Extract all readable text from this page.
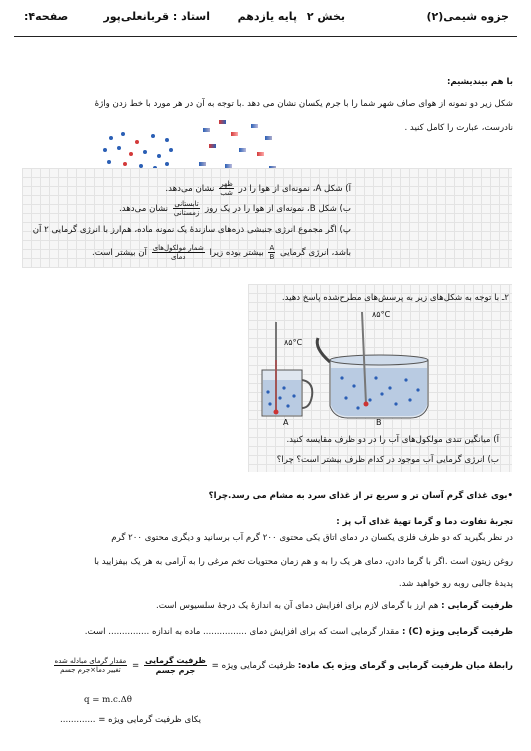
جزوه شیمی(۲)
بخش ۲
پایه یازدهم
استاد : قربانعلی‌پور
صفحه۴:
با هم بیندیشیم:
شکل زیر دو نمونه از هوای صاف شهر شما را با جرم یکسان نشان می دهد .با توجه به آن در هر مورد با خط زدن واژهٔ
نادرست، عبارت را کامل کنید .
آ) شکل A، نمونه‌ای از هوا را در
$\frac{\text{ظهر}}{\text{شب}}$
نشان می‌دهد.
ب) شکل B، نمونه‌ای از هوا را در یک روز
$\frac{\text{تابستانی}}{\text{زمستانی}}$
نشان می‌دهد.
پ) اگر مجموع انرژی جنبشی ذره‌های سازندهٔ یک نمونه ماده، هم‌ارز با انرژی گرمایی ۲ آن
باشد، انرژی گرمایی
$\frac{A}{B}$
بیشتر بوده زیرا
$\frac{\text{شمار مولکول‌های}}{\text{دمای}}$
آن بیشتر است.
۲ـ با توجه به شکل‌های زیر به پرسش‌های مطرح‌شده پاسخ دهید.
۸۵°C
۸۵°C
A	B
آ) میانگین تندی مولکول‌های آب را در دو ظرف مقایسه کنید.
ب) انرژی گرمایی آب موجود در کدام ظرف بیشتر است؟ چرا؟
•بوی غذای گرم آسان تر و سریع تر از غذای سرد به مشام می رسد.چرا؟
تجربهٔ تفاوت دما و گرما تهیهٔ غذای آب پز :
در نظر بگیرید که دو ظرف فلزی یکسان در دمای اتاق یکی محتوی ۲۰۰ گرم آب برسانید و دیگری محتوی ۲۰۰ گرم
روغن زیتون است .اگر با گرما دادن، دمای هر یک را به و هم زمان محتویات تخم مرغی را به آرامی به هر یک بیفزایید با
پدیدهٔ جالبی روبه رو خواهید شد.
ظرفیت گرمایی : هم ارز با گرمای لازم برای افزایش دمای آن به اندازهٔ یک درجهٔ سلسیوس است.
ظرفیت گرمایی ویژه (C) : مقدار گرمایی است که برای افزایش دمای ................ ماده به اندازه ............... است.
رابطهٔ میان ظرفیت گرمایی و گرمای ویژه یک ماده: ظرفیت گرمایی ویژه =
$\frac{\text{ظرفیت گرمایی}}{\text{جرم جسم}}$
=
$\frac{\text{مقدار گرمای مبادله شده}}{\text{تغییر دما×جرم جسم}}$
q = m.c.Δθ
یکای ظرفیت گرمایی ویژه = .............
